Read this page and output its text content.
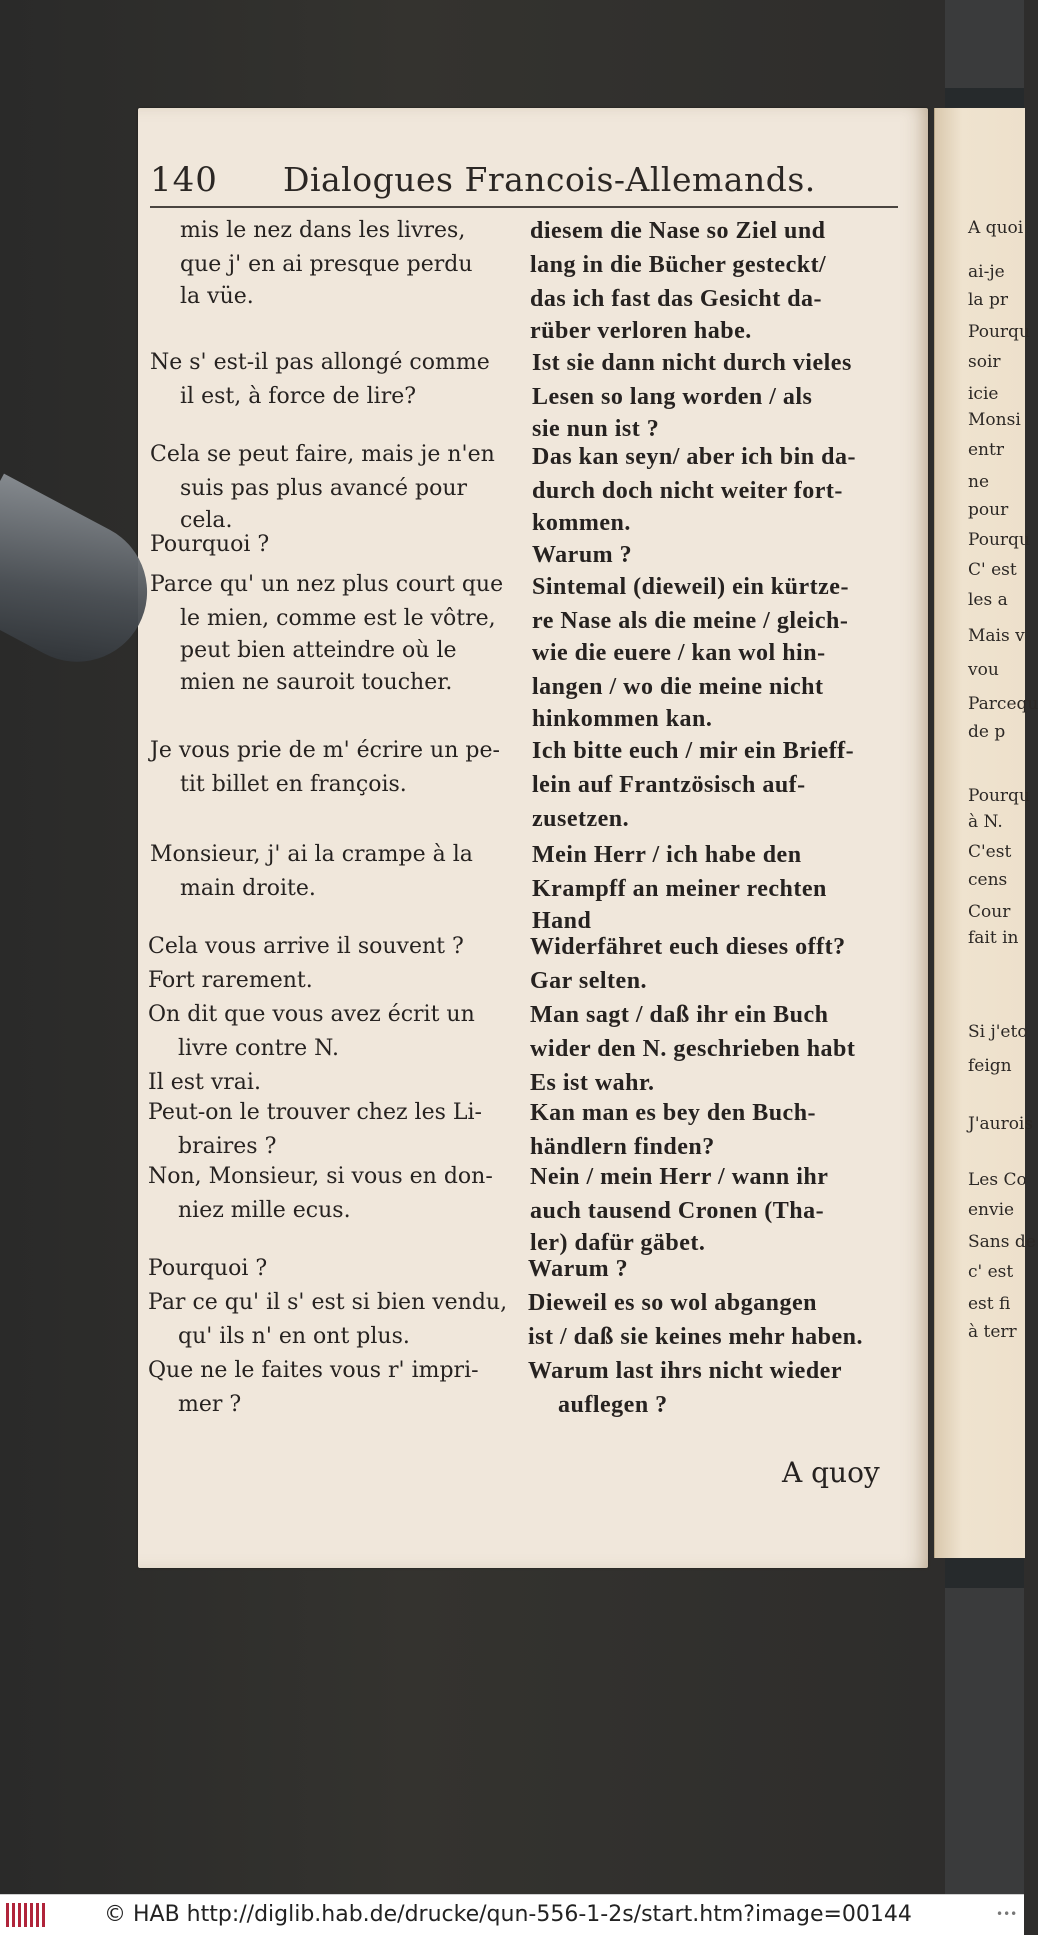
140 Dialogues Francois-Allemands.
mis le nez dans les livres,
que j' en ai presque perdu
la vüe.
Ne s' est-il pas allongé comme
il est, à force de lire?
Cela se peut faire, mais je n'en
suis pas plus avancé pour
cela.
Pourquoi ?
Parce qu' un nez plus court que
le mien, comme est le vôtre,
peut bien atteindre où le
mien ne sauroit toucher.
Je vous prie de m' écrire un pe-
tit billet en françois.
Monsieur, j' ai la crampe à la
main droite.
Cela vous arrive il souvent ?
Fort rarement.
On dit que vous avez écrit un
livre contre N.
Il est vrai.
Peut-on le trouver chez les Li-
braires ?
Non, Monsieur, si vous en don-
niez mille ecus.
Pourquoi ?
Par ce qu' il s' est si bien vendu,
qu' ils n' en ont plus.
Que ne le faites vous r' impri-
mer ?
diesem die Nase so Ziel und
lang in die Bücher gesteckt/
das ich fast das Gesicht da-
rüber verloren habe.
Ist sie dann nicht durch vieles
Lesen so lang worden / als
sie nun ist ?
Das kan seyn/ aber ich bin da-
durch doch nicht weiter fort-
kommen.
Warum ?
Sintemal (dieweil) ein kürtze-
re Nase als die meine / gleich-
wie die euere / kan wol hin-
langen / wo die meine nicht
hinkommen kan.
Ich bitte euch / mir ein Brieff-
lein auf Frantzösisch auf-
zusetzen.
Mein Herr / ich habe den
Krampff an meiner rechten
Hand
Widerfähret euch dieses offt?
Gar selten.
Man sagt / daß ihr ein Buch
wider den N. geschrieben habt
Es ist wahr.
Kan man es bey den Buch-
händlern finden?
Nein / mein Herr / wann ihr
auch tausend Cronen (Tha-
ler) dafür gäbet.
Warum ?
Dieweil es so wol abgangen
ist / daß sie keines mehr haben.
Warum last ihrs nicht wieder
auflegen ?
A quoy
© HAB http://diglib.hab.de/drucke/qun-556-1-2s/start.htm?image=00144	•••
A quoi
ai-je
la pr
Pourqu
soir
icie
Monsi
entr
ne
pour
Pourqu
C' est
les a
Mais v
vou
Parcequ
de p
Pourqu
à N.
C'est
cens
Cour
fait in
Si j'eto
feign
J'aurois
Les Co
envie
Sans de
c' est
est fi
à terr
